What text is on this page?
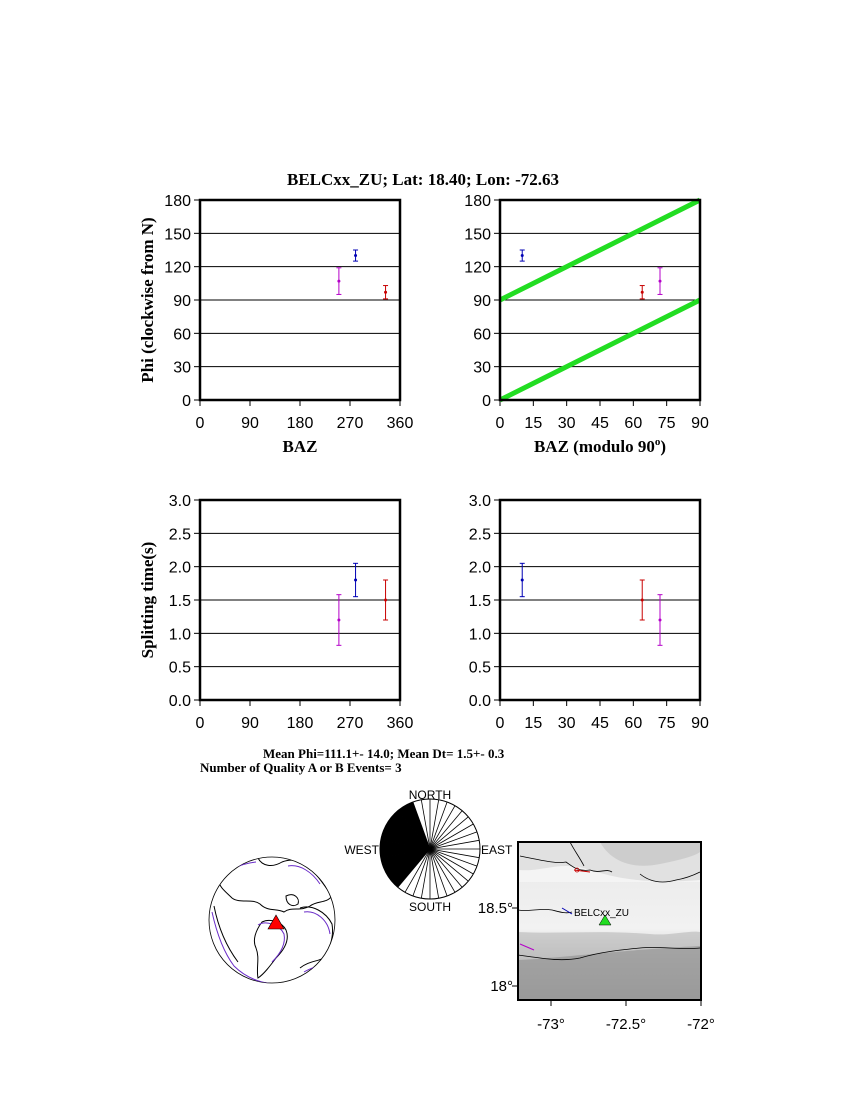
BELCxx_ZU; Lat: 18.40; Lon: -72.63
0
30
60
90
120
150
180
0 90 180 270 360
0
30
60
90
120
150
180
0 15 30 45 60 75 90
0.0
0.5
1.0
1.5
2.0
2.5
3.0
0 90 180 270 360
0.0
0.5
1.0
1.5
2.0
2.5
3.0
0 15 30 45 60 75 90
Phi (clockwise from N)
BAZ	BAZ (modulo 90$^o$)
Splitting time(s)
Mean Phi=111.1+- 14.0; Mean Dt= 1.5+- 0.3
Number of Quality A or B Events= 3
NORTH
SOUTH
WEST	EAST
BELCxx_ZU
18.5°
18°
-73°	-72.5°	-72°
